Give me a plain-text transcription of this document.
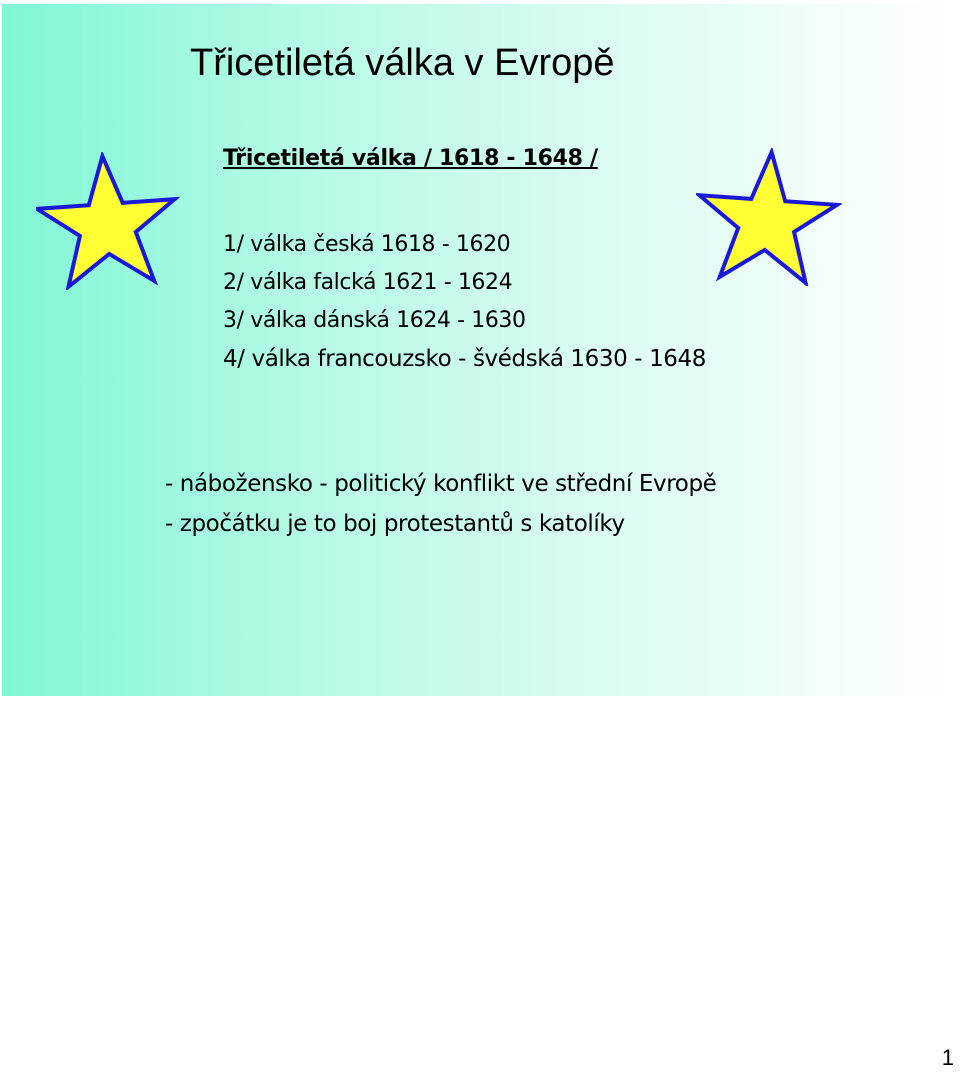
Třicetiletá válka v Evropě
Třicetiletá válka / 1618 - 1648 /
1/ válka česká 1618 - 1620
2/ válka falcká 1621 - 1624
3/ válka dánská 1624 - 1630
4/ válka francouzsko - švédská 1630 - 1648
- nábožensko - politický konflikt ve střední Evropě
- zpočátku je to boj protestantů s katolíky
1
